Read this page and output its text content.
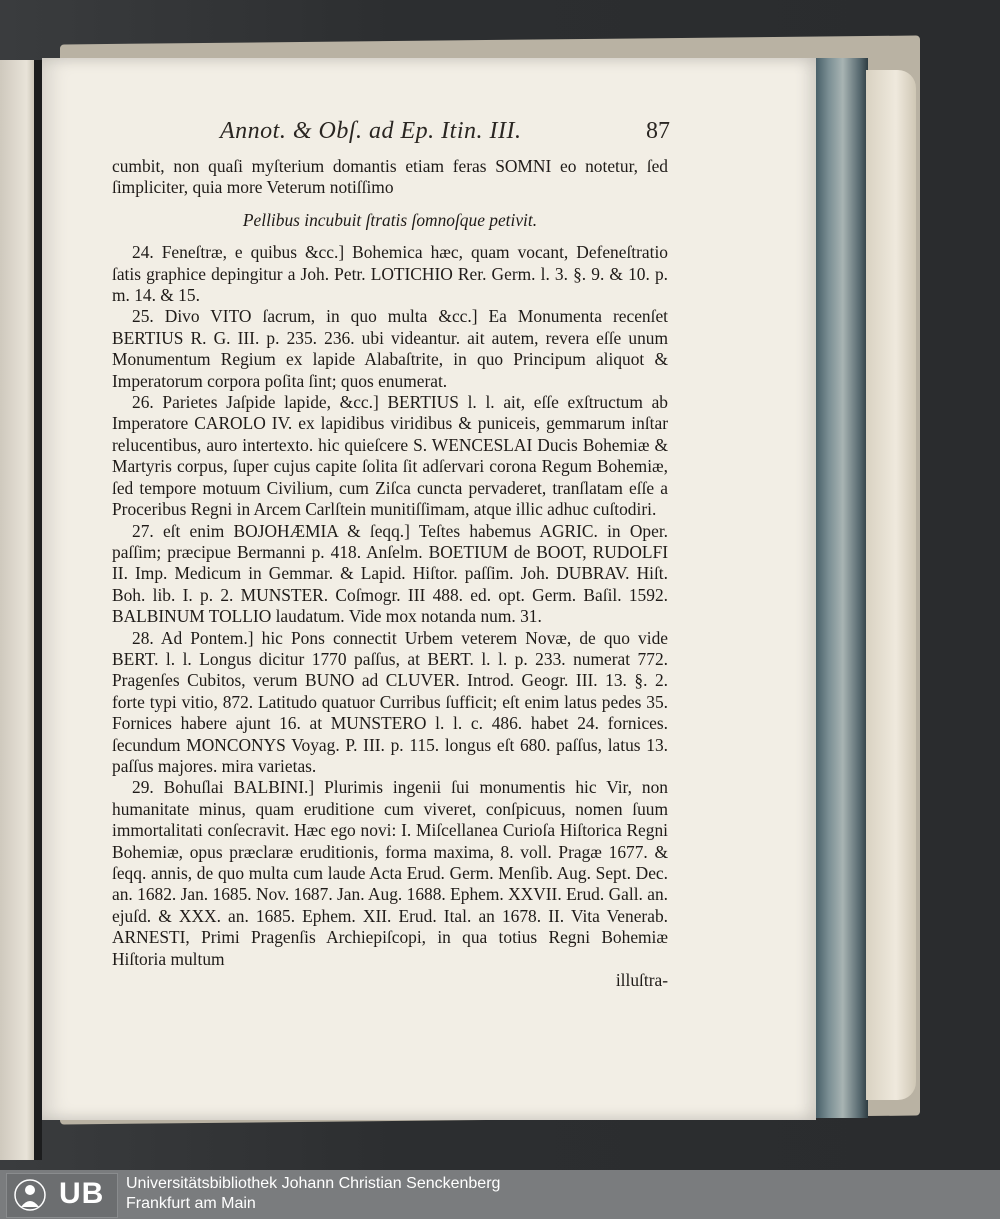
Annot. & Obſ. ad Ep. Itin. III.	87

cumbit, non quaſi myſterium domantis etiam feras SOMNI eo notetur, ſed ſimpliciter, quia more Veterum notiſſimo

Pellibus incubuit ſtratis ſomnoſque petivit.

24. Feneſtræ, e quibus &cc.] Bohemica hæc, quam vocant, Defeneſtratio ſatis graphice depingitur a Joh. Petr. LOTICHIO Rer. Germ. l. 3. §. 9. & 10. p. m. 14. & 15.

25. Divo VITO ſacrum, in quo multa &cc.] Ea Monumenta recenſet BERTIUS R. G. III. p. 235. 236. ubi videantur. ait autem, revera eſſe unum Monumentum Regium ex lapide Alabaſtrite, in quo Principum aliquot & Imperatorum corpora poſita ſint; quos enumerat.

26. Parietes Jaſpide lapide, &cc.] BERTIUS l. l. ait, eſſe exſtructum ab Imperatore CAROLO IV. ex lapidibus viridibus & puniceis, gemmarum inſtar relucentibus, auro intertexto. hic quieſcere S. WENCESLAI Ducis Bohemiæ & Martyris corpus, ſuper cujus capite ſolita ſit adſervari corona Regum Bohemiæ, ſed tempore motuum Civilium, cum Ziſca cuncta pervaderet, tranſlatam eſſe a Proceribus Regni in Arcem Carlſtein munitiſſimam, atque illic adhuc cuſtodiri.

27. eſt enim BOJOHÆMIA & ſeqq.] Teſtes habemus AGRIC. in Oper. paſſim; præcipue Bermanni p. 418. Anſelm. BOETIUM de BOOT, RUDOLFI II. Imp. Medicum in Gemmar. & Lapid. Hiſtor. paſſim. Joh. DUBRAV. Hiſt. Boh. lib. I. p. 2. MUNSTER. Coſmogr. III 488. ed. opt. Germ. Baſil. 1592. BALBINUM TOLLIO laudatum. Vide mox notanda num. 31.

28. Ad Pontem.] hic Pons connectit Urbem veterem Novæ, de quo vide BERT. l. l. Longus dicitur 1770 paſſus, at BERT. l. l. p. 233. numerat 772. Pragenſes Cubitos, verum BUNO ad CLUVER. Introd. Geogr. III. 13. §. 2. forte typi vitio, 872. Latitudo quatuor Curribus ſufficit; eſt enim latus pedes 35. Fornices habere ajunt 16. at MUNSTERO l. l. c. 486. habet 24. fornices. ſecundum MONCONYS Voyag. P. III. p. 115. longus eſt 680. paſſus, latus 13. paſſus majores. mira varietas.

29. Bohuſlai BALBINI.] Plurimis ingenii ſui monumentis hic Vir, non humanitate minus, quam eruditione cum viveret, conſpicuus, nomen ſuum immortalitati conſecravit. Hæc ego novi: I. Miſcellanea Curioſa Hiſtorica Regni Bohemiæ, opus præclaræ eruditionis, forma maxima, 8. voll. Pragæ 1677. & ſeqq. annis, de quo multa cum laude Acta Erud. Germ. Menſib. Aug. Sept. Dec. an. 1682. Jan. 1685. Nov. 1687. Jan. Aug. 1688. Ephem. XXVII. Erud. Gall. an. ejuſd. & XXX. an. 1685. Ephem. XII. Erud. Ital. an 1678. II. Vita Venerab. ARNESTI, Primi Pragenſis Archiepiſcopi, in qua totius Regni Bohemiæ Hiſtoria multum

illuſtra-

UB Universitätsbibliothek Johann Christian Senckenberg
Frankfurt am Main
